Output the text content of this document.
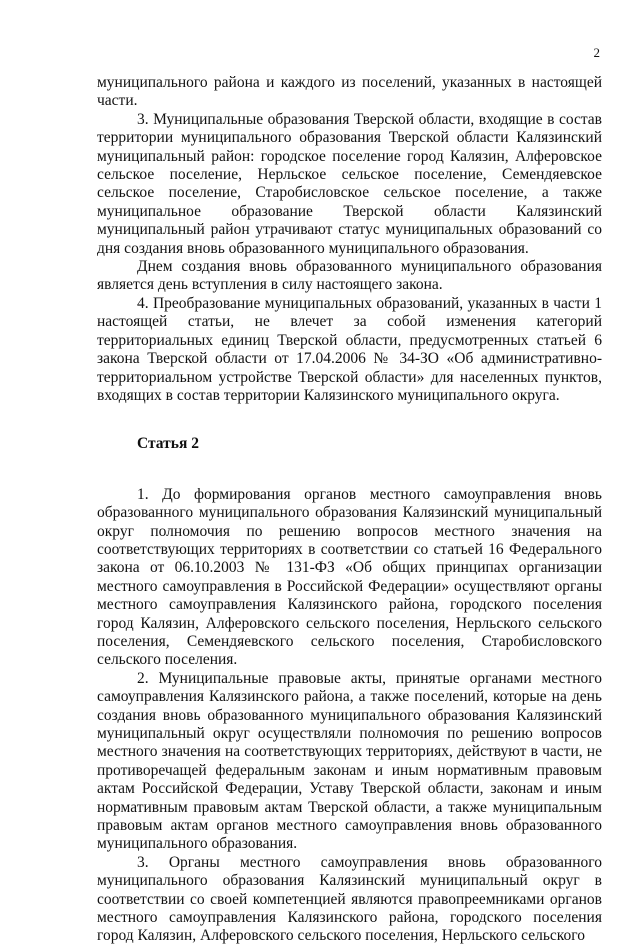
2

муниципального района и каждого из поселений, указанных в настоящей части.

3. Муниципальные образования Тверской области, входящие в состав территории муниципального образования Тверской области Калязинский муниципальный район: городское поселение город Калязин, Алферовское сельское поселение, Нерльское сельское поселение, Семендяевское сельское поселение, Старобисловское сельское поселение, а также муниципальное образование Тверской области Калязинский муниципальный район утрачивают статус муниципальных образований со дня создания вновь образованного муниципального образования.

Днем создания вновь образованного муниципального образования является день вступления в силу настоящего закона.

4. Преобразование муниципальных образований, указанных в части 1 настоящей статьи, не влечет за собой изменения категорий территориальных единиц Тверской области, предусмотренных статьей 6 закона Тверской области от 17.04.2006 № 34-ЗО «Об административно-территориальном устройстве Тверской области» для населенных пунктов, входящих в состав территории Калязинского муниципального округа.

Статья 2

1. До формирования органов местного самоуправления вновь образованного муниципального образования Калязинский муниципальный округ полномочия по решению вопросов местного значения на соответствующих территориях в соответствии со статьей 16 Федерального закона от 06.10.2003 № 131-ФЗ «Об общих принципах организации местного самоуправления в Российской Федерации» осуществляют органы местного самоуправления Калязинского района, городского поселения город Калязин, Алферовского сельского поселения, Нерльского сельского поселения, Семендяевского сельского поселения, Старобисловского сельского поселения.

2. Муниципальные правовые акты, принятые органами местного самоуправления Калязинского района, а также поселений, которые на день создания вновь образованного муниципального образования Калязинский муниципальный округ осуществляли полномочия по решению вопросов местного значения на соответствующих территориях, действуют в части, не противоречащей федеральным законам и иным нормативным правовым актам Российской Федерации, Уставу Тверской области, законам и иным нормативным правовым актам Тверской области, а также муниципальным правовым актам органов местного самоуправления вновь образованного муниципального образования.

3. Органы местного самоуправления вновь образованного муниципального образования Калязинский муниципальный округ в соответствии со своей компетенцией являются правопреемниками органов местного самоуправления Калязинского района, городского поселения город Калязин, Алферовского сельского поселения, Нерльского сельского
